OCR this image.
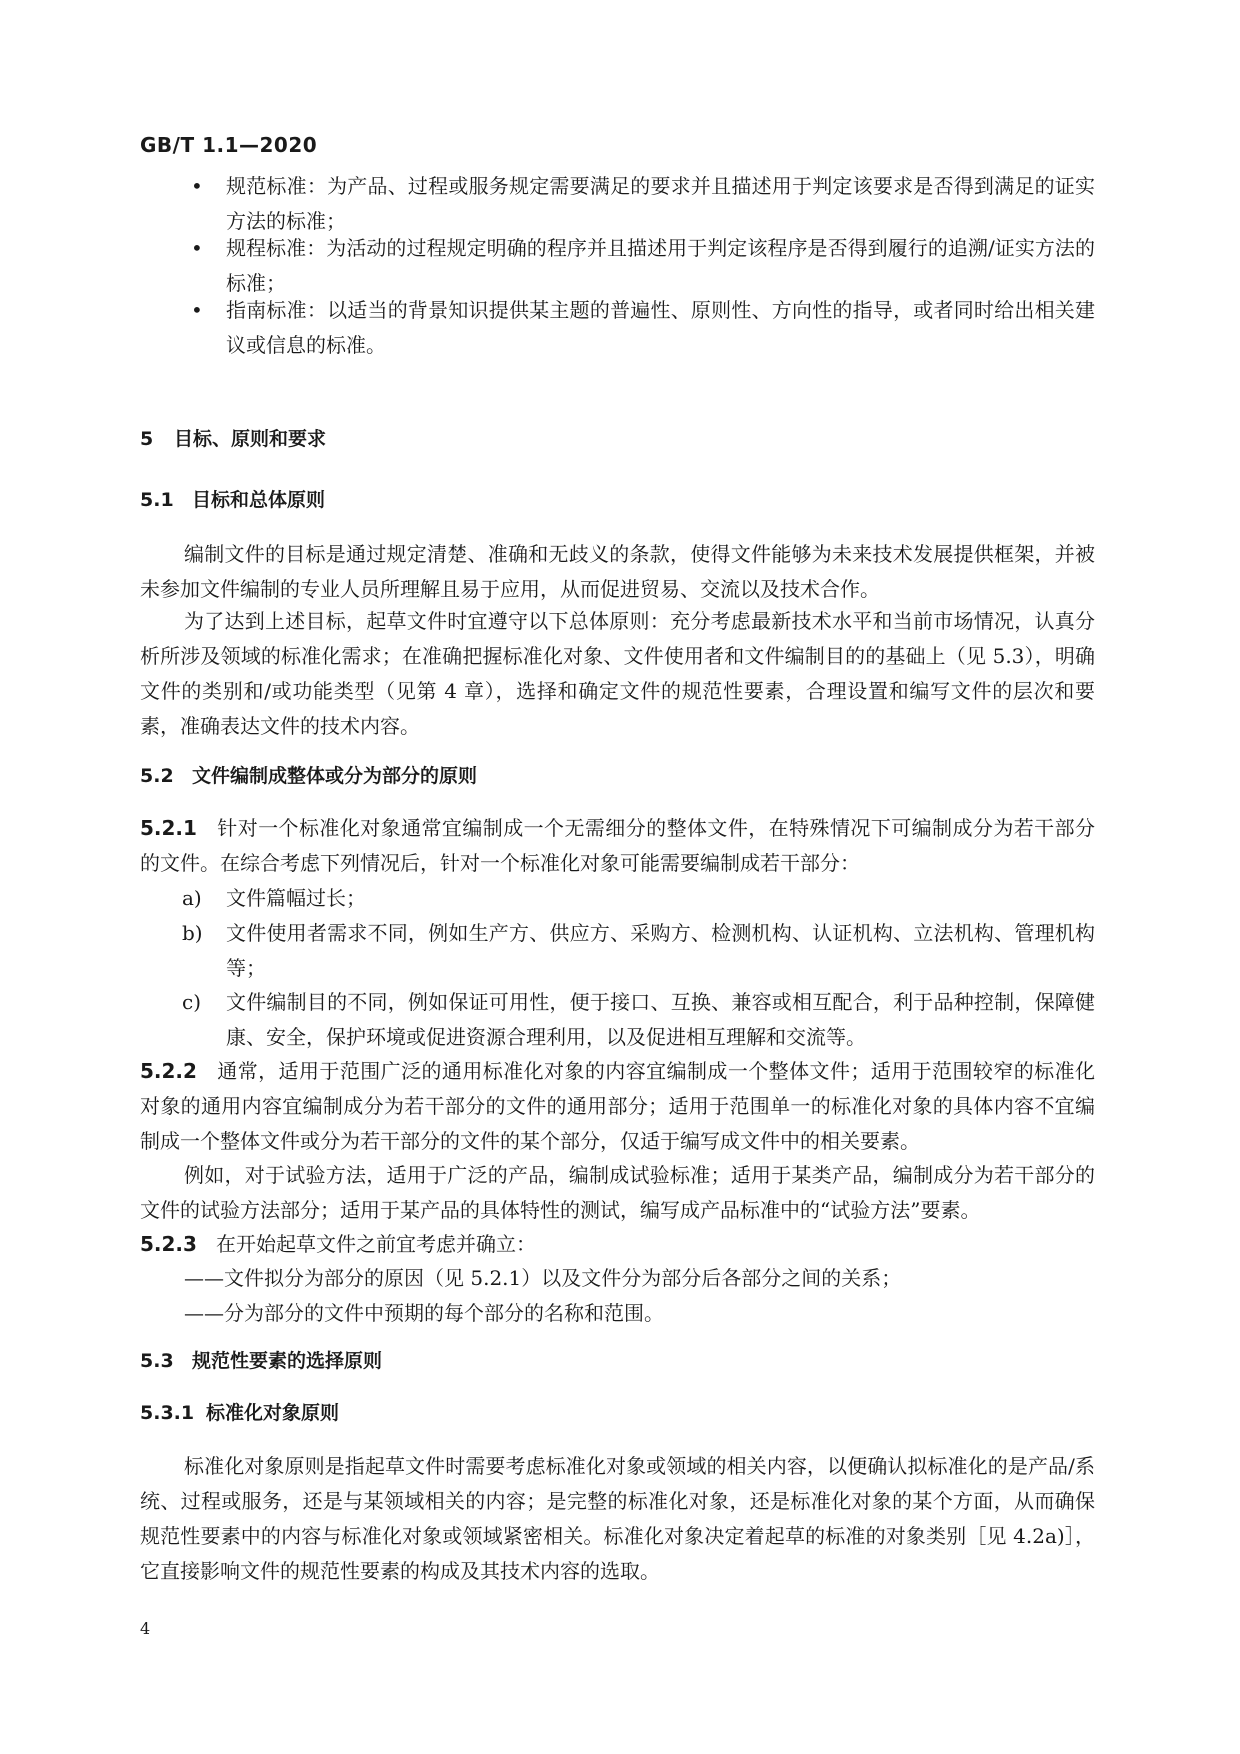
GB/T 1.1—2020
• 规范标准：为产品、过程或服务规定需要满足的要求并且描述用于判定该要求是否得到满足的证实方法的标准；
• 规程标准：为活动的过程规定明确的程序并且描述用于判定该程序是否得到履行的追溯/证实方法的标准；
• 指南标准：以适当的背景知识提供某主题的普遍性、原则性、方向性的指导，或者同时给出相关建议或信息的标准。
5 目标、原则和要求
5.1 目标和总体原则
编制文件的目标是通过规定清楚、准确和无歧义的条款，使得文件能够为未来技术发展提供框架，并被未参加文件编制的专业人员所理解且易于应用，从而促进贸易、交流以及技术合作。
为了达到上述目标，起草文件时宜遵守以下总体原则：充分考虑最新技术水平和当前市场情况，认真分析所涉及领域的标准化需求；在准确把握标准化对象、文件使用者和文件编制目的的基础上（见 5.3），明确文件的类别和/或功能类型（见第 4 章），选择和确定文件的规范性要素，合理设置和编写文件的层次和要素，准确表达文件的技术内容。
5.2 文件编制成整体或分为部分的原则
5.2.1 针对一个标准化对象通常宜编制成一个无需细分的整体文件，在特殊情况下可编制成分为若干部分的文件。在综合考虑下列情况后，针对一个标准化对象可能需要编制成若干部分：
a) 文件篇幅过长；
b) 文件使用者需求不同，例如生产方、供应方、采购方、检测机构、认证机构、立法机构、管理机构等；
c) 文件编制目的不同，例如保证可用性，便于接口、互换、兼容或相互配合，利于品种控制，保障健康、安全，保护环境或促进资源合理利用，以及促进相互理解和交流等。
5.2.2 通常，适用于范围广泛的通用标准化对象的内容宜编制成一个整体文件；适用于范围较窄的标准化对象的通用内容宜编制成分为若干部分的文件的通用部分；适用于范围单一的标准化对象的具体内容不宜编制成一个整体文件或分为若干部分的文件的某个部分，仅适于编写成文件中的相关要素。
例如，对于试验方法，适用于广泛的产品，编制成试验标准；适用于某类产品，编制成分为若干部分的文件的试验方法部分；适用于某产品的具体特性的测试，编写成产品标准中的“试验方法”要素。
5.2.3 在开始起草文件之前宜考虑并确立：
——文件拟分为部分的原因（见 5.2.1）以及文件分为部分后各部分之间的关系；
——分为部分的文件中预期的每个部分的名称和范围。
5.3 规范性要素的选择原则
5.3.1 标准化对象原则
标准化对象原则是指起草文件时需要考虑标准化对象或领域的相关内容，以便确认拟标准化的是产品/系统、过程或服务，还是与某领域相关的内容；是完整的标准化对象，还是标准化对象的某个方面，从而确保规范性要素中的内容与标准化对象或领域紧密相关。标准化对象决定着起草的标准的对象类别［见 4.2a)］，它直接影响文件的规范性要素的构成及其技术内容的选取。
4
